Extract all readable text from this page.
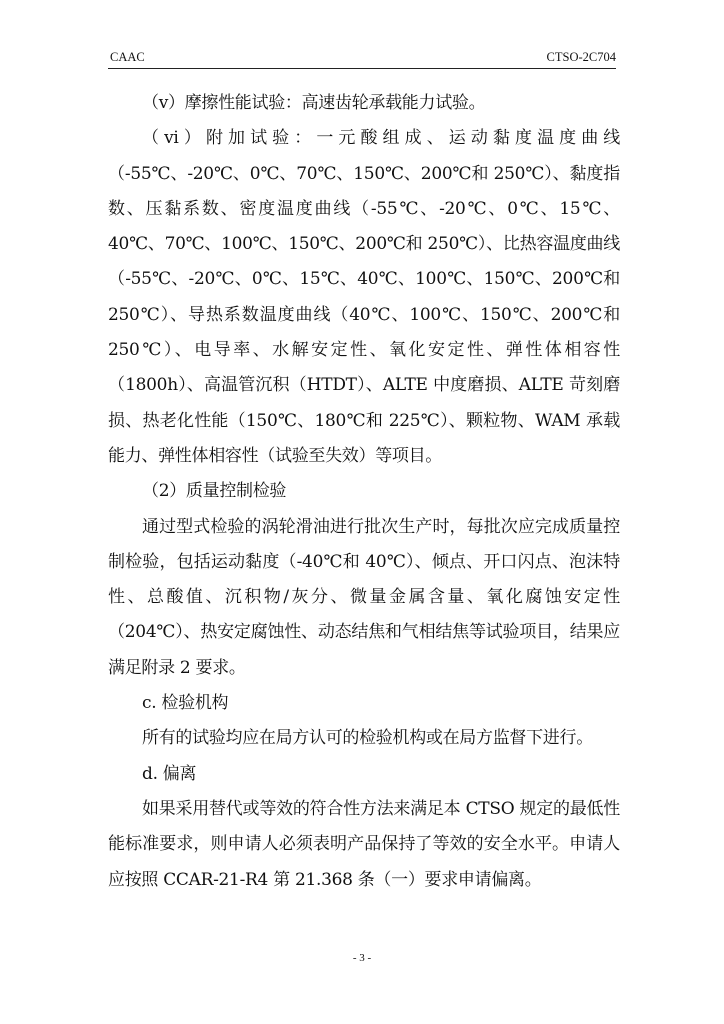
CAAC	CTSO-2C704

（v）摩擦性能试验：高速齿轮承载能力试验。

（vi）附加试验：一元酸组成、运动黏度温度曲线（-55℃、-20℃、0℃、70℃、150℃、200℃和 250℃）、黏度指数、压黏系数、密度温度曲线（-55℃、-20℃、0℃、15℃、40℃、70℃、100℃、150℃、200℃和 250℃）、比热容温度曲线（-55℃、-20℃、0℃、15℃、40℃、100℃、150℃、200℃和 250℃）、导热系数温度曲线（40℃、100℃、150℃、200℃和 250℃）、电导率、水解安定性、氧化安定性、弹性体相容性（1800h）、高温管沉积（HTDT）、ALTE 中度磨损、ALTE 苛刻磨损、热老化性能（150℃、180℃和 225℃）、颗粒物、WAM 承载能力、弹性体相容性（试验至失效）等项目。

（2）质量控制检验

通过型式检验的涡轮滑油进行批次生产时，每批次应完成质量控制检验，包括运动黏度（-40℃和 40℃）、倾点、开口闪点、泡沫特性、总酸值、沉积物/灰分、微量金属含量、氧化腐蚀安定性（204℃）、热安定腐蚀性、动态结焦和气相结焦等试验项目，结果应满足附录 2 要求。

c. 检验机构

所有的试验均应在局方认可的检验机构或在局方监督下进行。

d. 偏离

如果采用替代或等效的符合性方法来满足本 CTSO 规定的最低性能标准要求，则申请人必须表明产品保持了等效的安全水平。申请人应按照 CCAR-21-R4 第 21.368 条（一）要求申请偏离。

- 3 -
